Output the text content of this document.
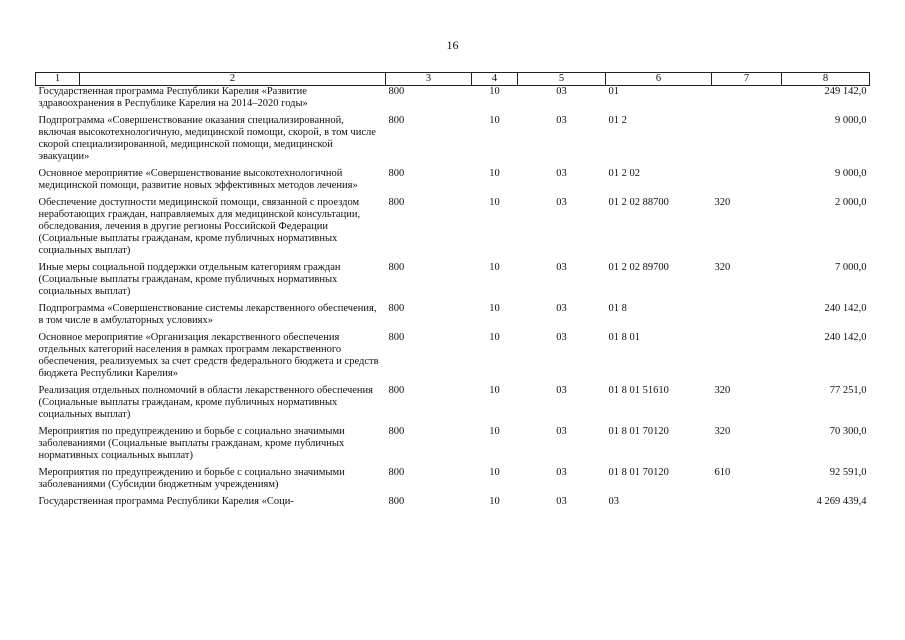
16
1	2	3	4	5	6	7	8
Государственная программа Республики Карелия «Развитие здравоохранения в Республике Карелия на 2014–2020 годы»		800	10	03	01		249 142,0
Подпрограмма «Совершенствование оказания специализированной, включая высокотехнологичную, медицинской помощи, скорой, в том числе скорой специализированной, медицинской помощи, медицинской эвакуации»		800	10	03	01 2		9 000,0
Основное мероприятие «Совершенствование высокотехнологичной медицинской помощи, развитие новых эффективных методов лечения»		800	10	03	01 2 02		9 000,0
Обеспечение доступности медицинской помощи, связанной с проездом неработающих граждан, направляемых для медицинской консультации, обследования, лечения в другие регионы Российской Федерации (Социальные выплаты гражданам, кроме публичных нормативных социальных выплат)		800	10	03	01 2 02 88700	320	2 000,0
Иные меры социальной поддержки отдельным категориям граждан (Социальные выплаты гражданам, кроме публичных нормативных социальных выплат)		800	10	03	01 2 02 89700	320	7 000,0
Подпрограмма «Совершенствование системы лекарственного обеспечения, в том числе в амбулаторных условиях»		800	10	03	01 8		240 142,0
Основное мероприятие «Организация лекарственного обеспечения отдельных категорий населения в рамках программ лекарственного обеспечения, реализуемых за счет средств федерального бюджета и средств бюджета Республики Карелия»		800	10	03	01 8 01		240 142,0
Реализация отдельных полномочий в области лекарственного обеспечения (Социальные выплаты гражданам, кроме публичных нормативных социальных выплат)		800	10	03	01 8 01 51610	320	77 251,0
Мероприятия по предупреждению и борьбе с социально значимыми заболеваниями (Социальные выплаты гражданам, кроме публичных нормативных социальных выплат)		800	10	03	01 8 01 70120	320	70 300,0
Мероприятия по предупреждению и борьбе с социально значимыми заболеваниями (Субсидии бюджетным учреждениям)		800	10	03	01 8 01 70120	610	92 591,0
Государственная программа Республики Карелия «Соци-		800	10	03	03		4 269 439,4
